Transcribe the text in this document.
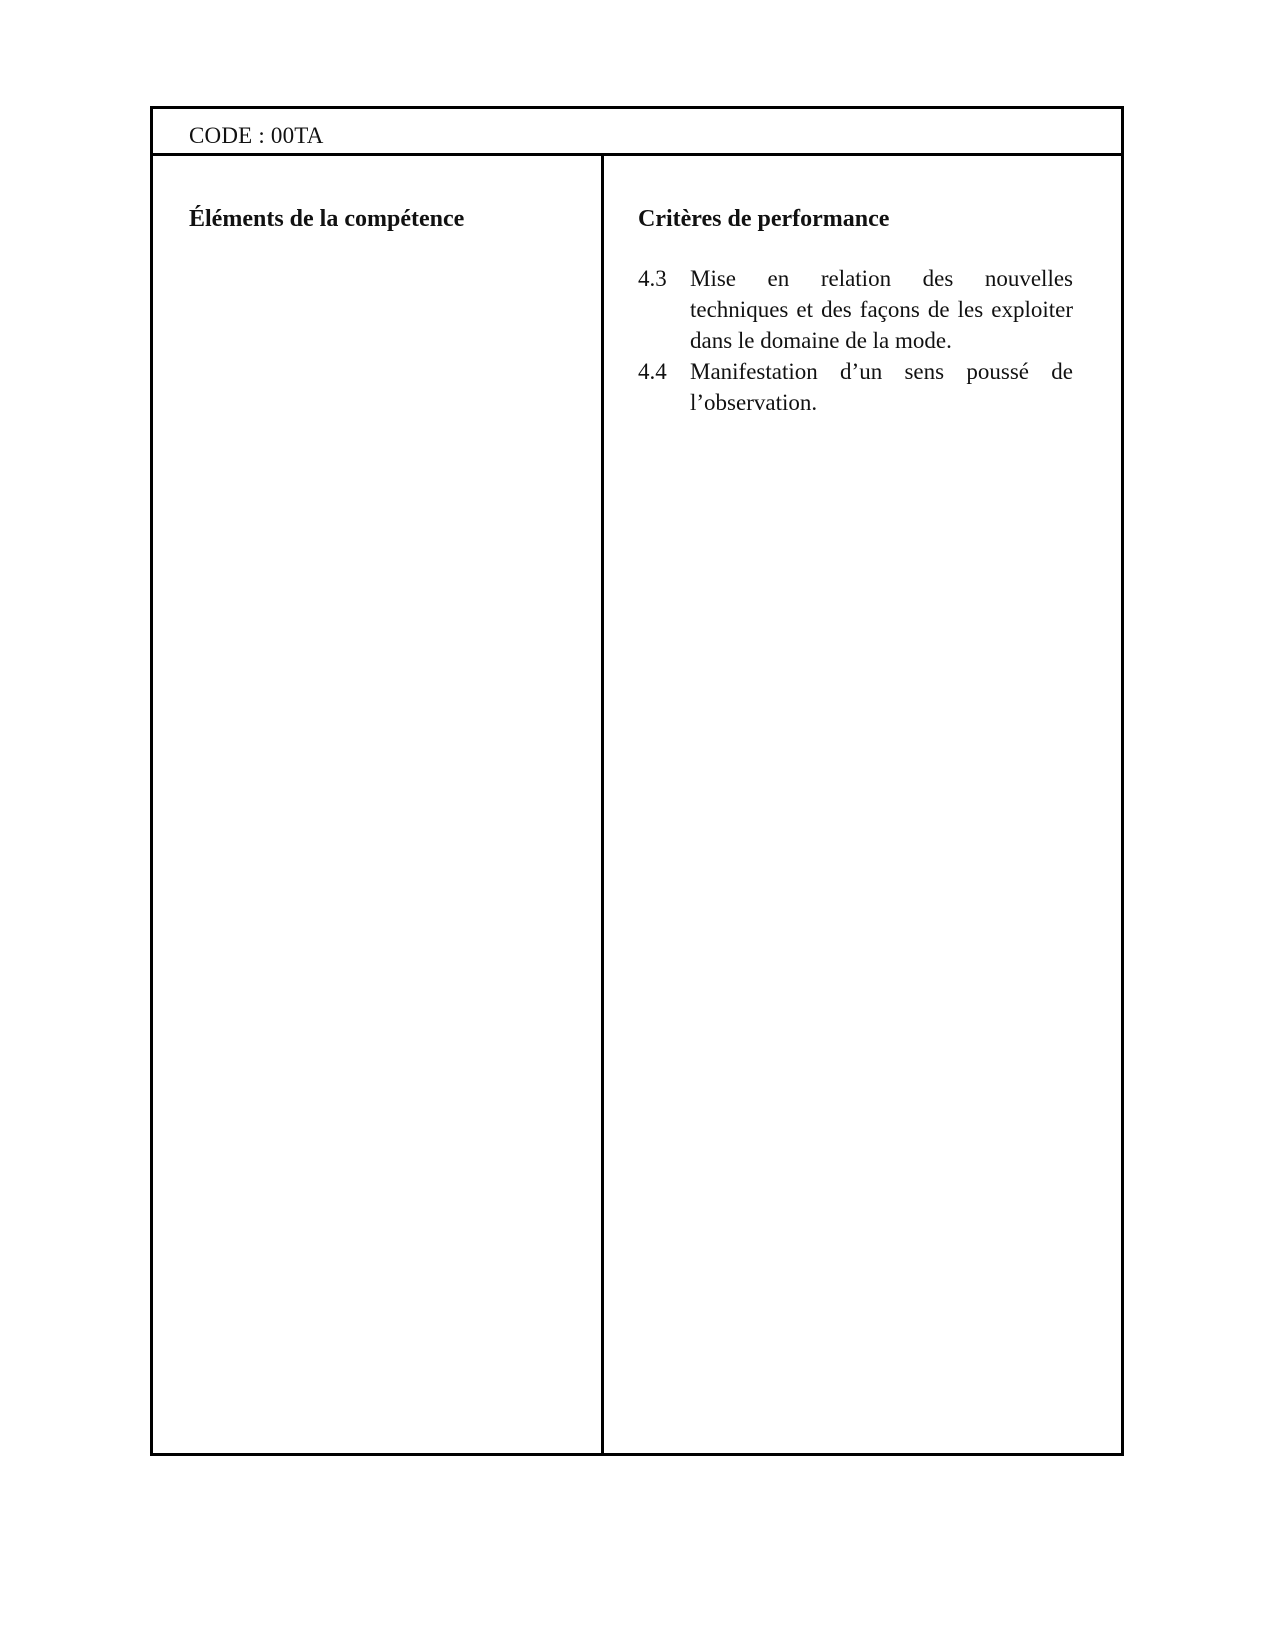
CODE : 00TA
Éléments de la compétence	Critères de performance
4.3	Mise en relation des nouvelles techniques et des façons de les exploiter dans le domaine de la mode.
4.4	Manifestation d’un sens poussé de l’observation.
